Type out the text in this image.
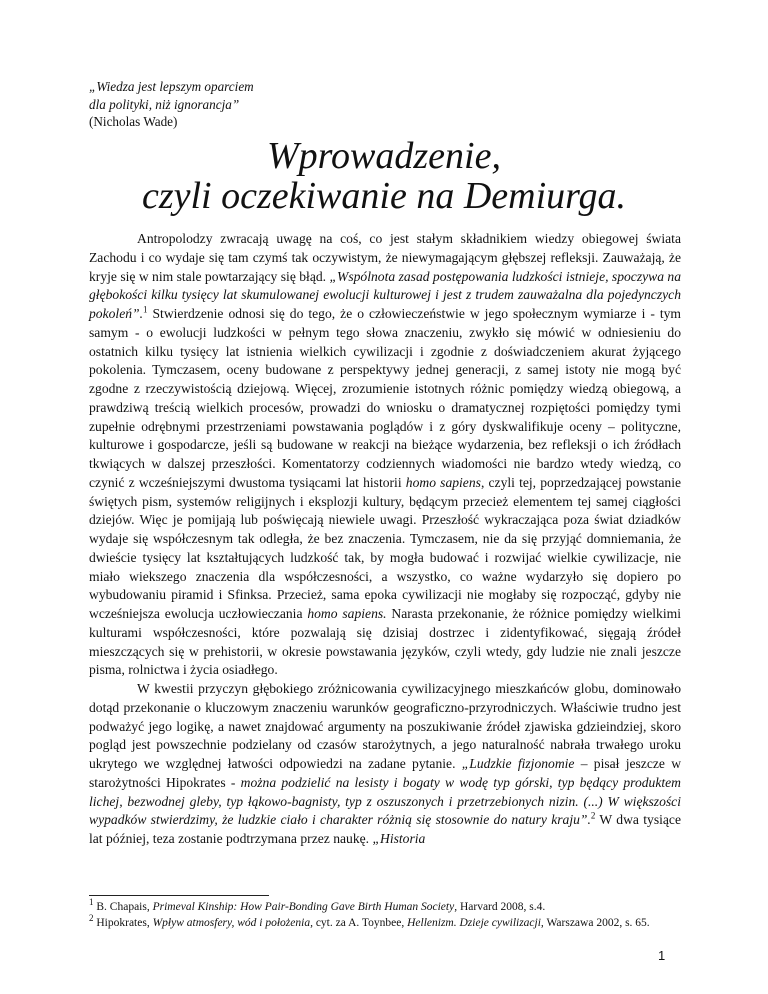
„Wiedza jest lepszym oparciem
dla polityki, niż ignorancja”
(Nicholas Wade)
Wprowadzenie,
czyli oczekiwanie na Demiurga.

Antropolodzy zwracają uwagę na coś, co jest stałym składnikiem wiedzy obiegowej świata Zachodu i co wydaje się tam czymś tak oczywistym, że niewymagającym głębszej refleksji. Zauważają, że kryje się w nim stale powtarzający się błąd. „Wspólnota zasad postępowania ludzkości istnieje, spoczywa na głębokości kilku tysięcy lat skumulowanej ewolucji kulturowej i jest z trudem zauważalna dla pojedynczych pokoleń”.$^1$ Stwierdzenie odnosi się do tego, że o człowieczeństwie w jego społecznym wymiarze i - tym samym - o ewolucji ludzkości w pełnym tego słowa znaczeniu, zwykło się mówić w odniesieniu do ostatnich kilku tysięcy lat istnienia wielkich cywilizacji i zgodnie z doświadczeniem akurat żyjącego pokolenia. Tymczasem, oceny budowane z perspektywy jednej generacji, z samej istoty nie mogą być zgodne z rzeczywistością dziejową. Więcej, zrozumienie istotnych różnic pomiędzy wiedzą obiegową, a prawdziwą treścią wielkich procesów, prowadzi do wniosku o dramatycznej rozpiętości pomiędzy tymi zupełnie odrębnymi przestrzeniami powstawania poglądów i z góry dyskwalifikuje oceny – polityczne, kulturowe i gospodarcze, jeśli są budowane w reakcji na bieżące wydarzenia, bez refleksji o ich źródłach tkwiących w dalszej przeszłości. Komentatorzy codziennych wiadomości nie bardzo wtedy wiedzą, co czynić z wcześniejszymi dwustoma tysiącami lat historii homo sapiens, czyli tej, poprzedzającej powstanie świętych pism, systemów religijnych i eksplozji kultury, będącym przecież elementem tej samej ciągłości dziejów. Więc je pomijają lub poświęcają niewiele uwagi. Przeszłość wykraczająca poza świat dziadków wydaje się współczesnym tak odległa, że bez znaczenia. Tymczasem, nie da się przyjąć domniemania, że dwieście tysięcy lat kształtujących ludzkość tak, by mogła budować i rozwijać wielkie cywilizacje, nie miało wiekszego znaczenia dla współczesności, a wszystko, co ważne wydarzyło się dopiero po wybudowaniu piramid i Sfinksa. Przecież, sama epoka cywilizacji nie mogłaby się rozpocząć, gdyby nie wcześniejsza ewolucja uczłowieczania homo sapiens. Narasta przekonanie, że różnice pomiędzy wielkimi kulturami współczesności, które pozwalają się dzisiaj dostrzec i zidentyfikować, sięgają źródeł mieszczących się w prehistorii, w okresie powstawania języków, czyli wtedy, gdy ludzie nie znali jeszcze pisma, rolnictwa i życia osiadłego.

W kwestii przyczyn głębokiego zróżnicowania cywilizacyjnego mieszkańców globu, dominowało dotąd przekonanie o kluczowym znaczeniu warunków geograficzno-przyrodniczych. Właściwie trudno jest podważyć jego logikę, a nawet znajdować argumenty na poszukiwanie źródeł zjawiska gdzieindziej, skoro pogląd jest powszechnie podzielany od czasów starożytnych, a jego naturalność nabrała trwałego uroku ukrytego we względnej łatwości odpowiedzi na zadane pytanie. „Ludzkie fizjonomie – pisał jeszcze w starożytności Hipokrates - można podzielić na lesisty i bogaty w wodę typ górski, typ będący produktem lichej, bezwodnej gleby, typ łąkowo-bagnisty, typ z oszuszonych i przetrzebionych nizin. (...) W większości wypadków stwierdzimy, że ludzkie ciało i charakter różnią się stosownie do natury kraju”.$^2$ W dwa tysiące lat później, teza zostanie podtrzymana przez naukę. „Historia

$^1$ B. Chapais, Primeval Kinship: How Pair-Bonding Gave Birth Human Society, Harvard 2008, s.4.
$^2$ Hipokrates, Wpływ atmosfery, wód i położenia, cyt. za A. Toynbee, Hellenizm. Dzieje cywilizacji, Warszawa 2002, s. 65.
1
